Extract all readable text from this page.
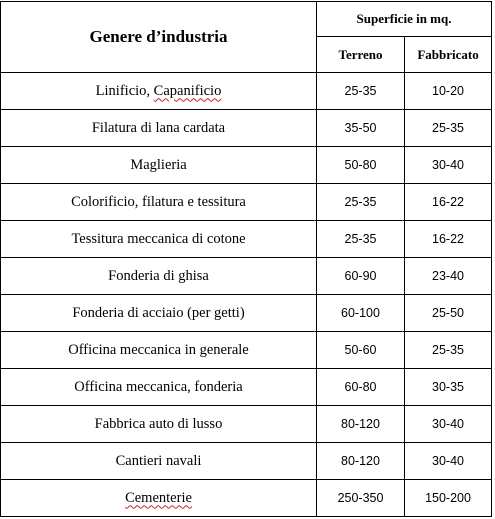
Genere d’industria	Superficie in mq.	
	Terreno	Fabbricato
Linificio, Capanificio	25-35	10-20
Filatura di lana cardata	35-50	25-35
Maglieria	50-80	30-40
Colorificio, filatura e tessitura	25-35	16-22
Tessitura meccanica di cotone	25-35	16-22
Fonderia di ghisa	60-90	23-40
Fonderia di acciaio (per getti)	60-100	25-50
Officina meccanica in generale	50-60	25-35
Officina meccanica, fonderia	60-80	30-35
Fabbrica auto di lusso	80-120	30-40
Cantieri navali	80-120	30-40
Cementerie	250-350	150-200
